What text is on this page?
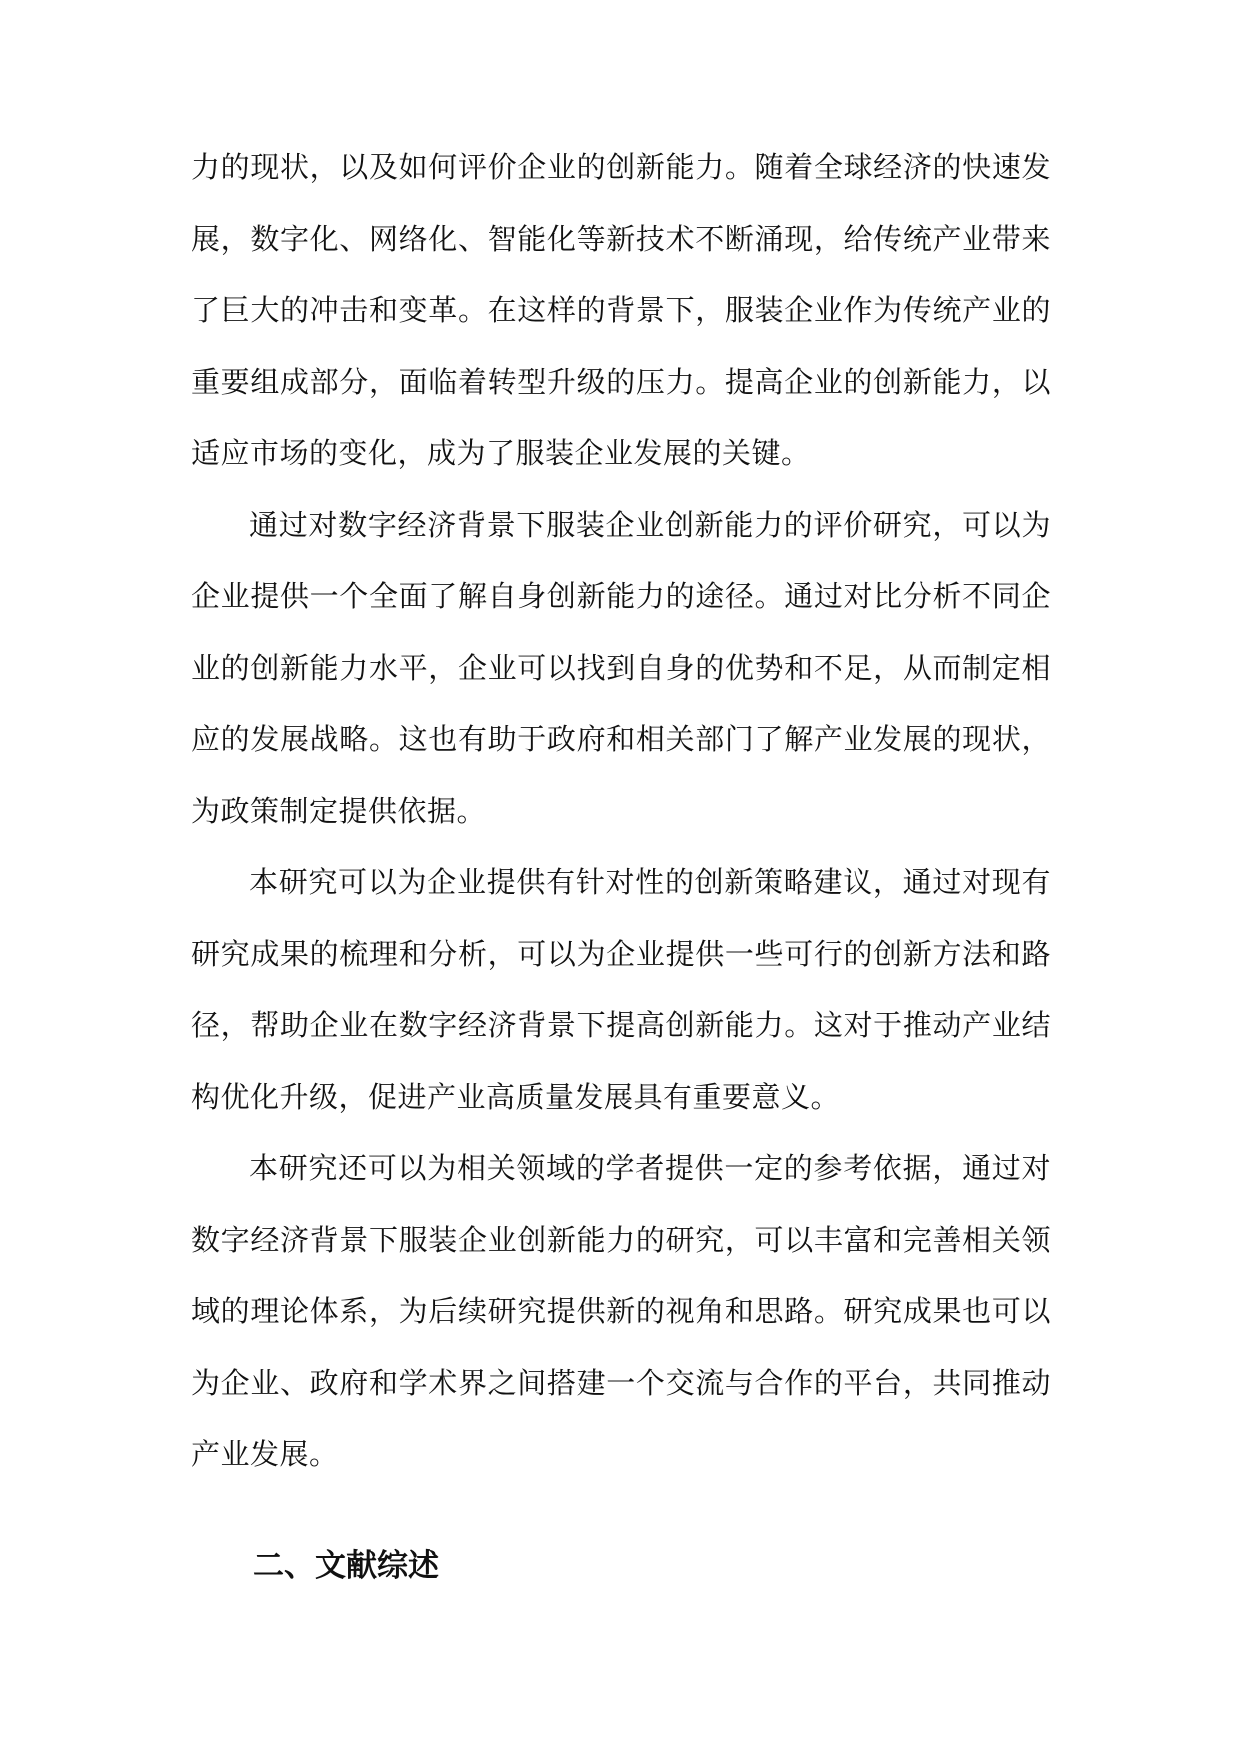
力的现状，以及如何评价企业的创新能力。随着全球经济的快速发展，数字化、网络化、智能化等新技术不断涌现，给传统产业带来了巨大的冲击和变革。在这样的背景下，服装企业作为传统产业的重要组成部分，面临着转型升级的压力。提高企业的创新能力，以适应市场的变化，成为了服装企业发展的关键。

通过对数字经济背景下服装企业创新能力的评价研究，可以为企业提供一个全面了解自身创新能力的途径。通过对比分析不同企业的创新能力水平，企业可以找到自身的优势和不足，从而制定相应的发展战略。这也有助于政府和相关部门了解产业发展的现状，为政策制定提供依据。

本研究可以为企业提供有针对性的创新策略建议，通过对现有研究成果的梳理和分析，可以为企业提供一些可行的创新方法和路径，帮助企业在数字经济背景下提高创新能力。这对于推动产业结构优化升级，促进产业高质量发展具有重要意义。

本研究还可以为相关领域的学者提供一定的参考依据，通过对数字经济背景下服装企业创新能力的研究，可以丰富和完善相关领域的理论体系，为后续研究提供新的视角和思路。研究成果也可以为企业、政府和学术界之间搭建一个交流与合作的平台，共同推动产业发展。

二、文献综述
